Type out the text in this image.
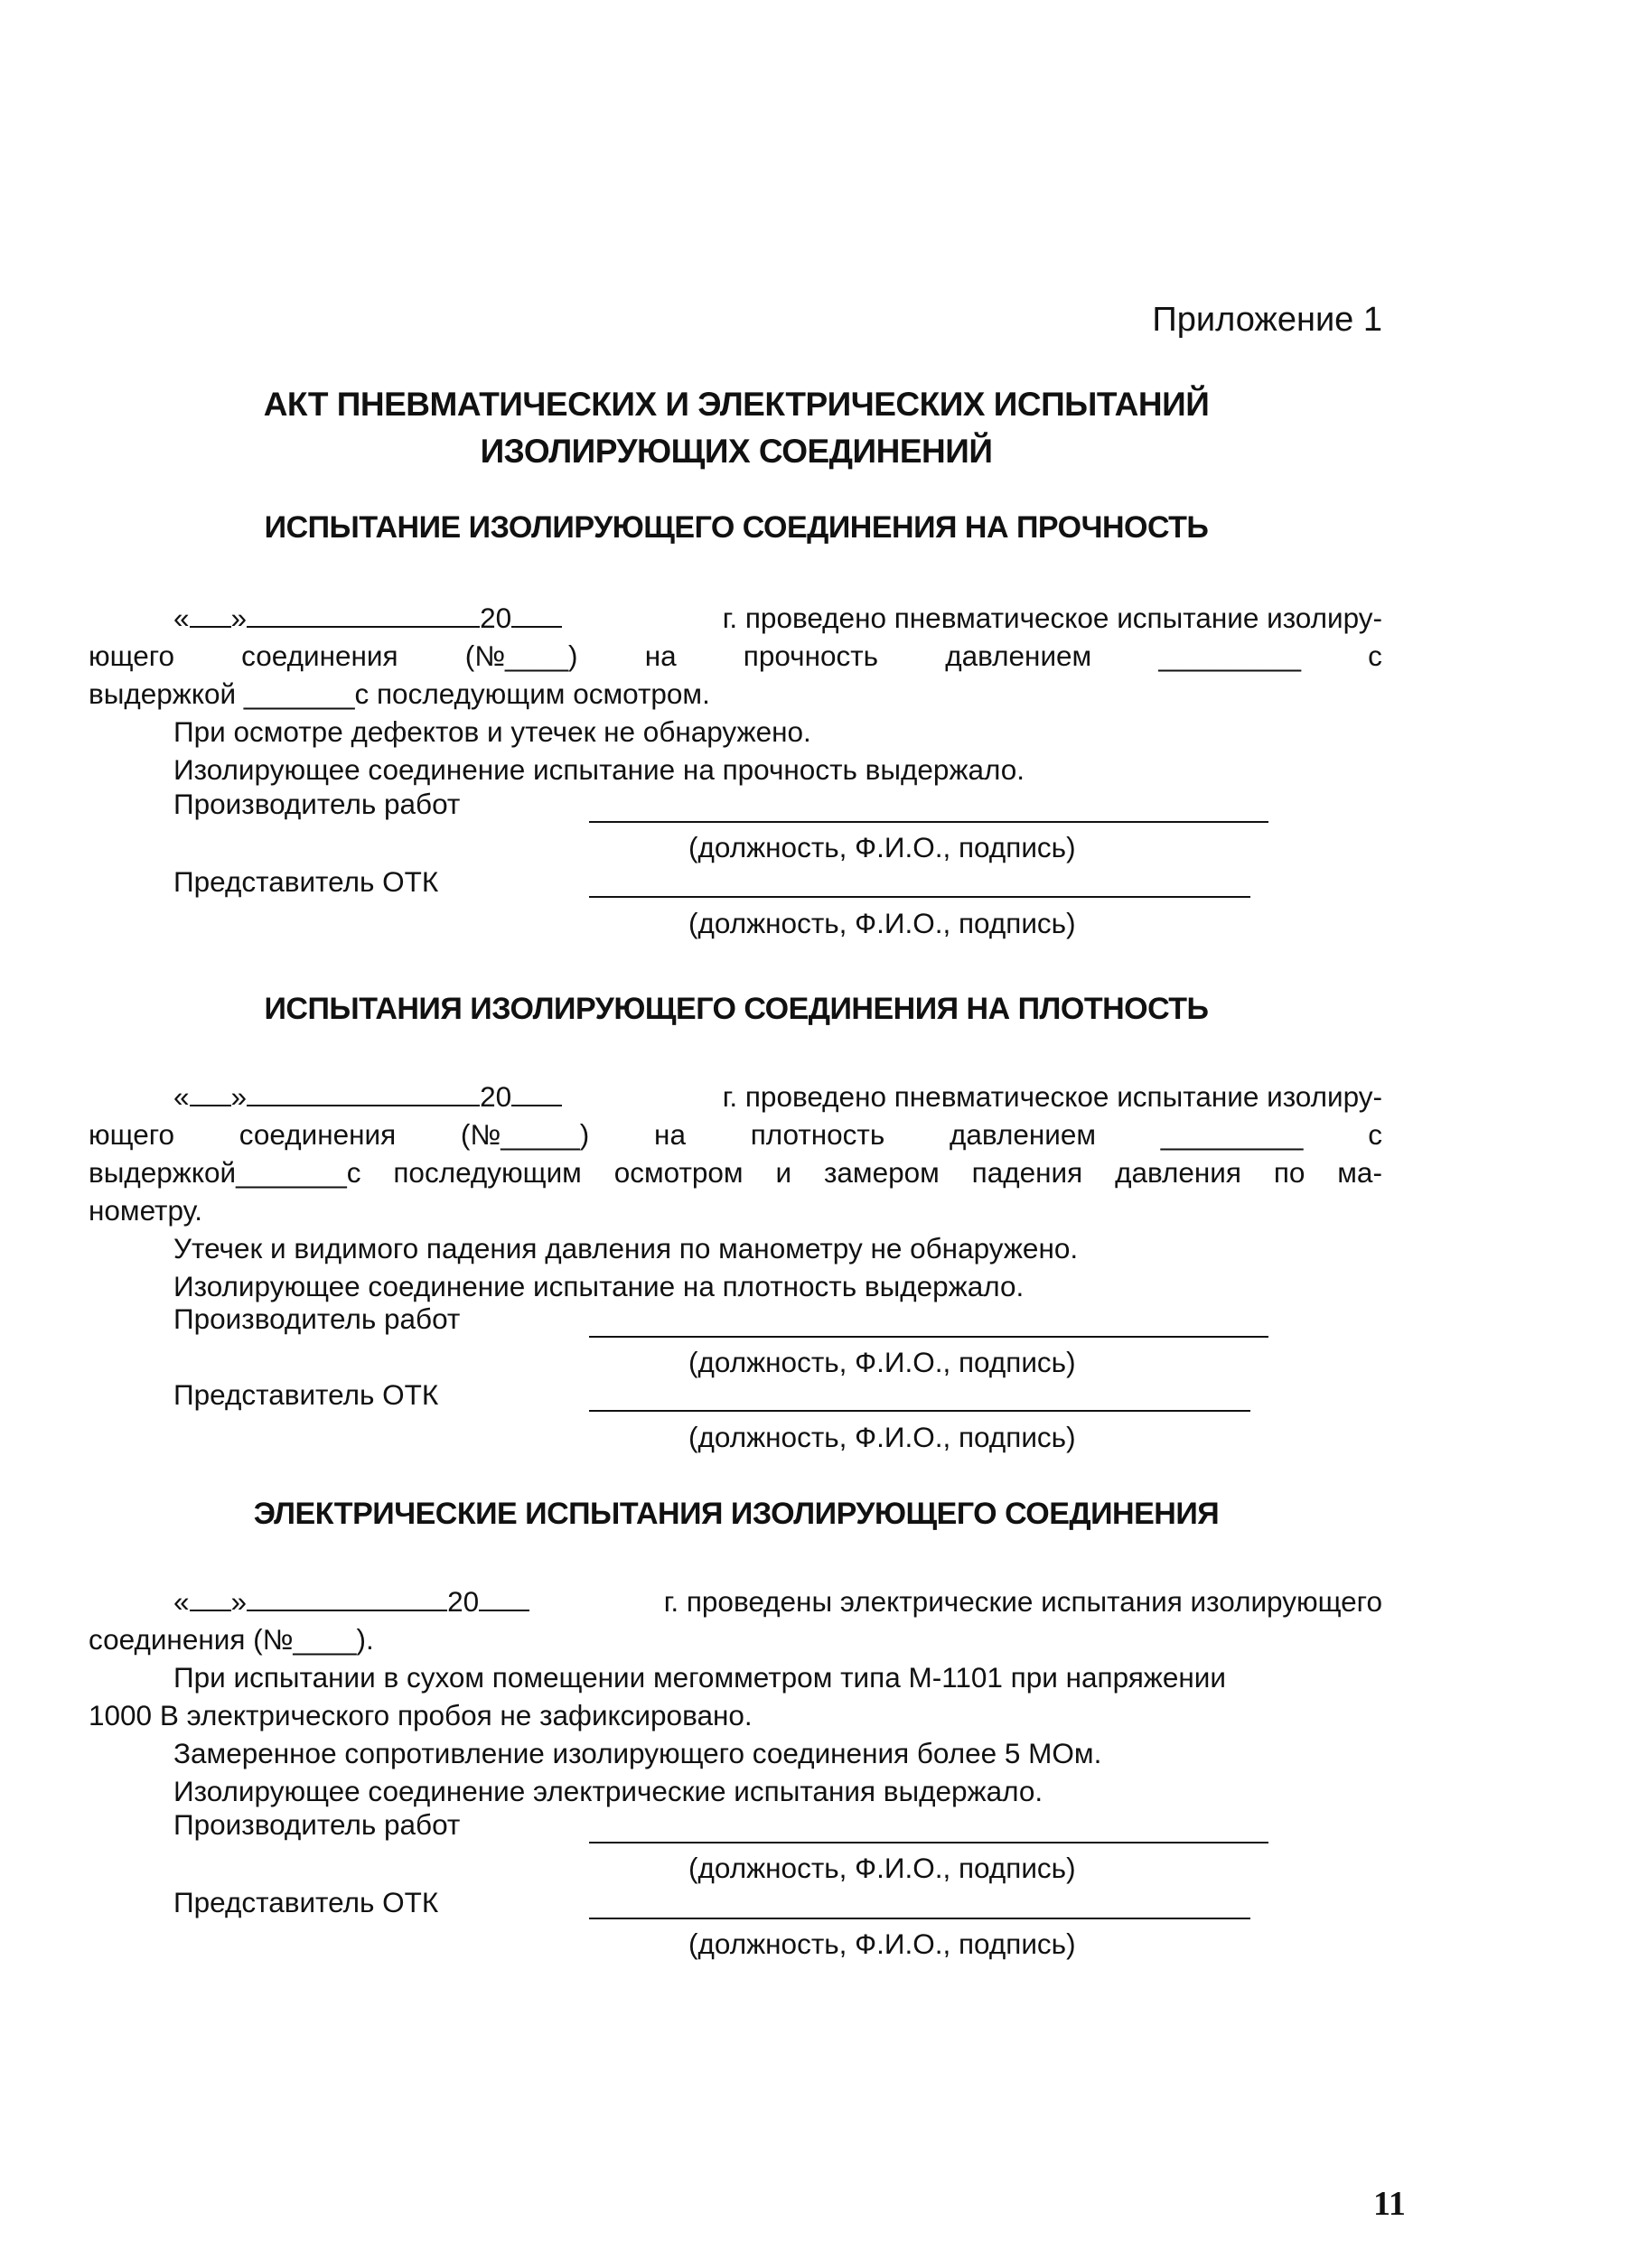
Приложение 1
АКТ ПНЕВМАТИЧЕСКИХ И ЭЛЕКТРИЧЕСКИХ ИСПЫТАНИЙ
ИЗОЛИРУЮЩИХ СОЕДИНЕНИЙ
ИСПЫТАНИЕ ИЗОЛИРУЮЩЕГО СОЕДИНЕНИЯ НА ПРОЧНОСТЬ
« »	20	г. проведено пневматическое испытание изолиру-
ющего соединения (№____) на прочность давлением _________ с
выдержкой _______с последующим осмотром.
При осмотре дефектов и утечек не обнаружено.
Изолирующее соединение испытание на прочность выдержало.
Производитель работ
(должность, Ф.И.О., подпись)
Представитель ОТК
(должность, Ф.И.О., подпись)
ИСПЫТАНИЯ ИЗОЛИРУЮЩЕГО СОЕДИНЕНИЯ НА ПЛОТНОСТЬ
« »	20	г. проведено пневматическое испытание изолиру-
ющего соединения (№_____) на плотность давлением _________ с
выдержкой_______с последующим осмотром и замером падения давления по ма-
нометру.
Утечек и видимого падения давления по манометру не обнаружено.
Изолирующее соединение испытание на плотность выдержало.
Производитель работ
(должность, Ф.И.О., подпись)
Представитель ОТК
(должность, Ф.И.О., подпись)
ЭЛЕКТРИЧЕСКИЕ ИСПЫТАНИЯ ИЗОЛИРУЮЩЕГО СОЕДИНЕНИЯ
« »	20	г. проведены электрические испытания изолирующего
соединения (№____).
При испытании в сухом помещении мегомметром типа М-1101 при напряжении
1000 В электрического пробоя не зафиксировано.
Замеренное сопротивление изолирующего соединения более 5 МОм.
Изолирующее соединение электрические испытания выдержало.
Производитель работ
(должность, Ф.И.О., подпись)
Представитель ОТК
(должность, Ф.И.О., подпись)
11
